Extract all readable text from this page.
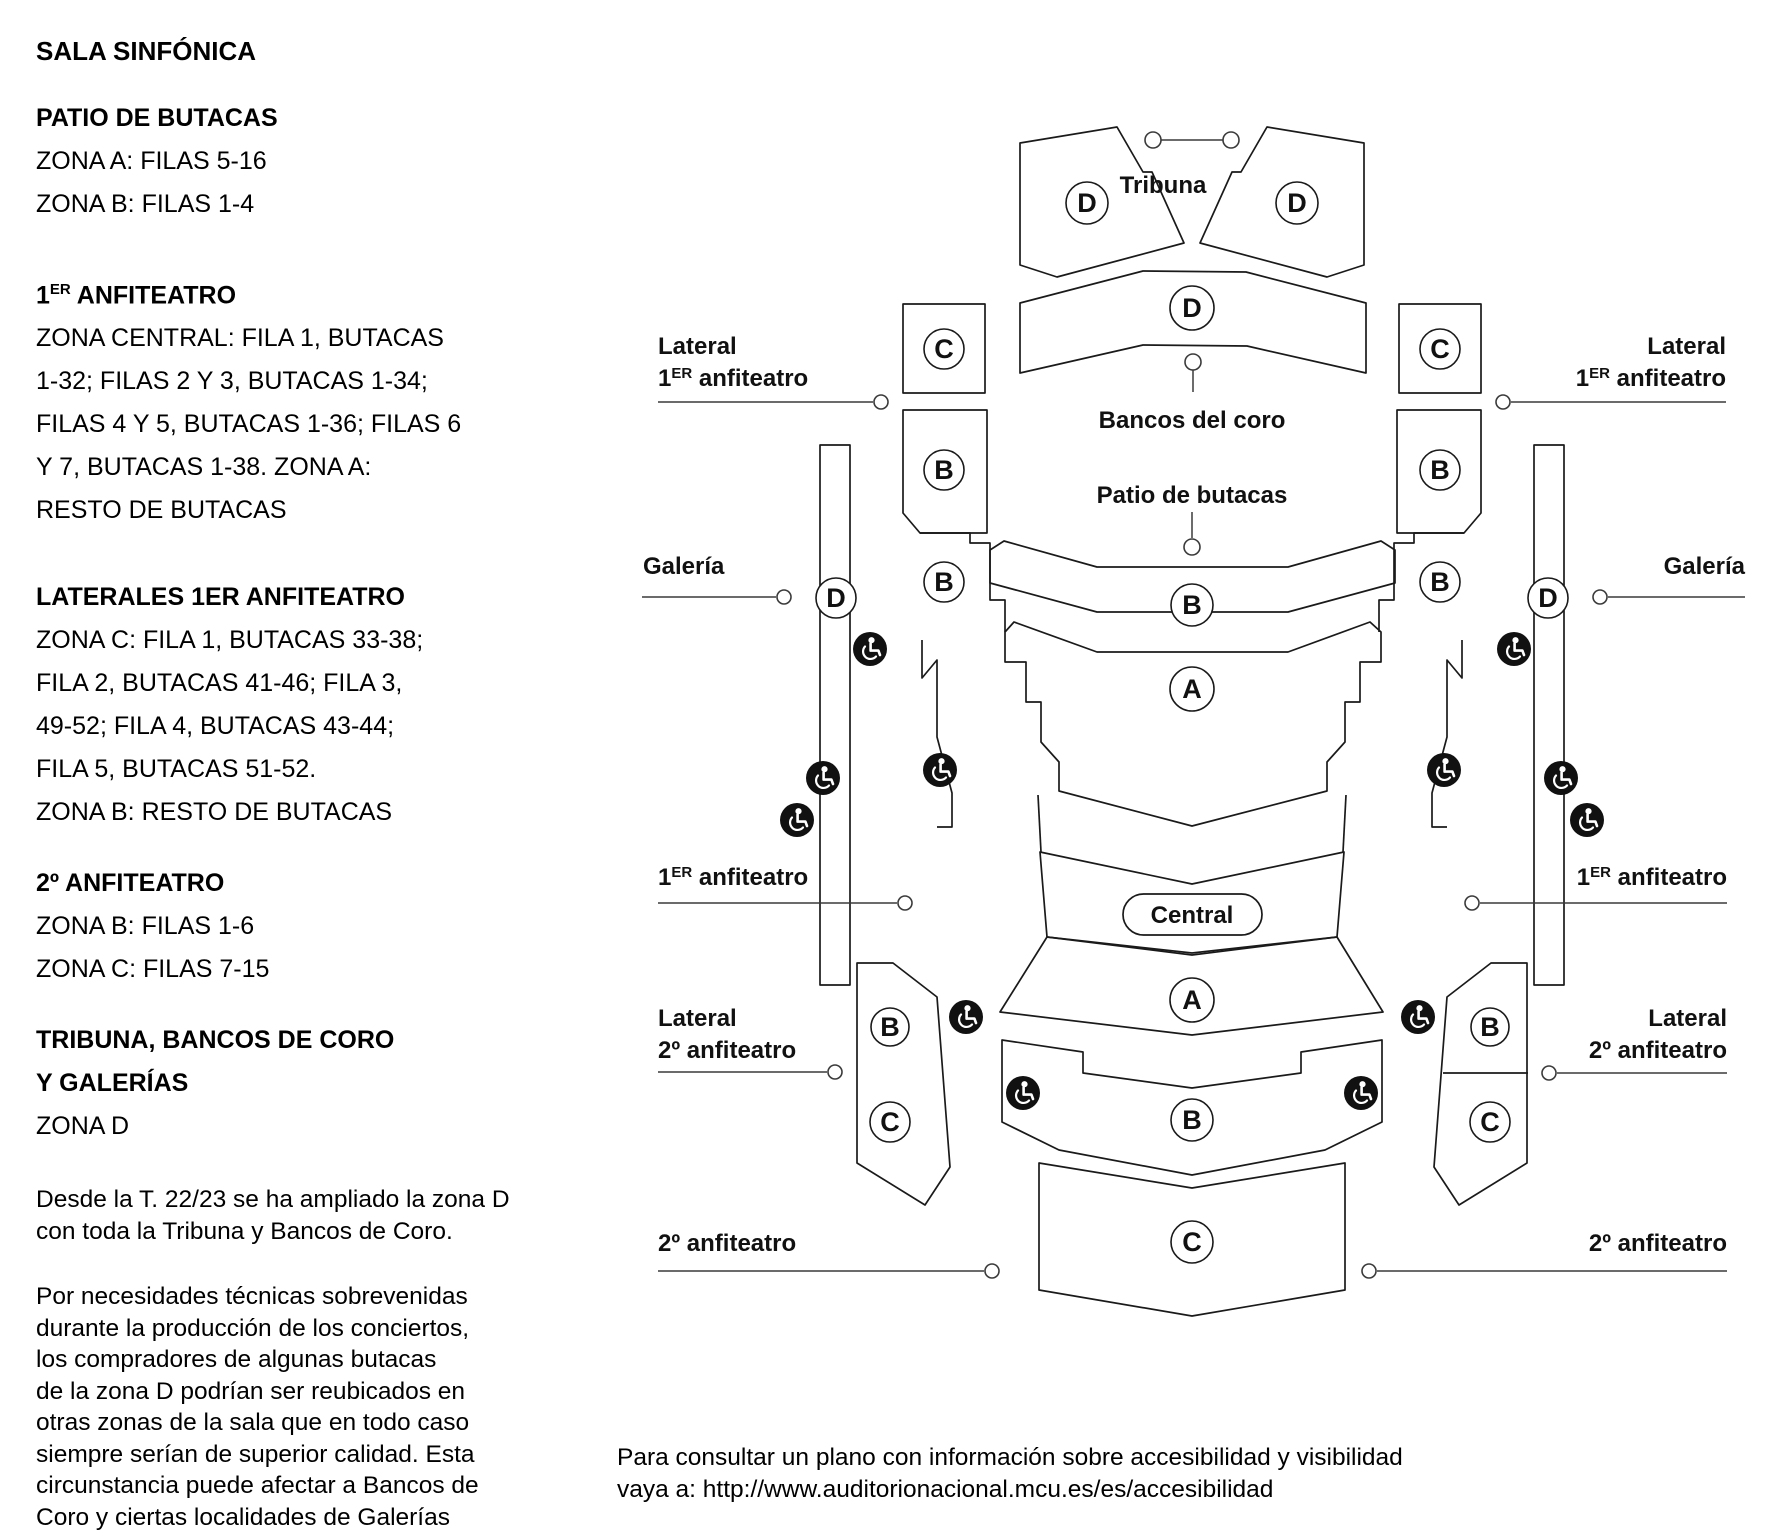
SALA SINFÓNICA
PATIO DE BUTACAS
ZONA A: FILAS 5-16
ZONA B: FILAS 1-4
1ER ANFITEATRO
ZONA CENTRAL: FILA 1, BUTACAS
1-32; FILAS 2 Y 3, BUTACAS 1-34;
FILAS 4 Y 5, BUTACAS 1-36; FILAS 6
Y 7, BUTACAS 1-38. ZONA A:
RESTO DE BUTACAS
LATERALES 1ER ANFITEATRO
ZONA C: FILA 1, BUTACAS 33-38;
FILA 2, BUTACAS 41-46; FILA 3,
49-52; FILA 4, BUTACAS 43-44;
FILA 5, BUTACAS 51-52.
ZONA B: RESTO DE BUTACAS
2º ANFITEATRO
ZONA B: FILAS 1-6
ZONA C: FILAS 7-15
TRIBUNA, BANCOS DE CORO
Y GALERÍAS
ZONA D
Desde la T. 22/23 se ha ampliado la zona D
con toda la Tribuna y Bancos de Coro.
Por necesidades técnicas sobrevenidas
durante la producción de los conciertos,
los compradores de algunas butacas
de la zona D podrían ser reubicados en
otras zonas de la sala que en todo caso
siempre serían de superior calidad. Esta
circunstancia puede afectar a Bancos de
Coro y ciertas localidades de Galerías
Tribuna
Bancos del coro
Patio de butacas
Central
Lateral
1ER anfiteatro
Lateral
1ER anfiteatro
Galería	Galería
1ER anfiteatro	1ER anfiteatro
Lateral
2º anfiteatro
Lateral
2º anfiteatro
2º anfiteatro	2º anfiteatro
D	D
D
C	C
B	B
B	B
D	D
B
A
A
B	B
B
C	C
C
Para consultar un plano con información sobre accesibilidad y visibilidad
vaya a: http://www.auditorionacional.mcu.es/es/accesibilidad
